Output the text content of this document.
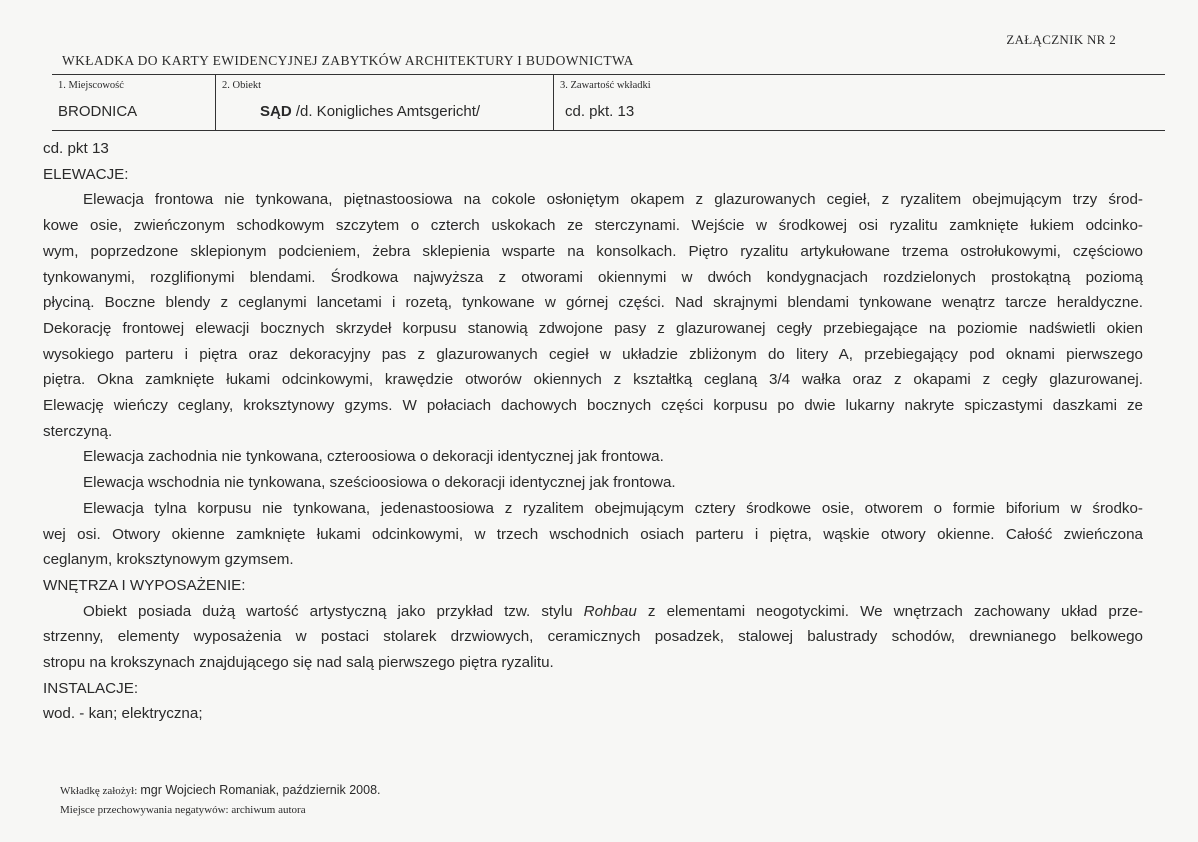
ZAŁĄCZNIK NR 2
WKŁADKA DO KARTY EWIDENCYJNEJ ZABYTKÓW ARCHITEKTURY I BUDOWNICTWA
1. Miejscowość
BRODNICA
2. Obiekt
SĄD /d. Konigliches Amtsgericht/
3. Zawartość wkładki
cd. pkt. 13
cd. pkt 13
ELEWACJE:
Elewacja frontowa nie tynkowana, piętnastoosiowa na cokole osłoniętym okapem z glazurowanych cegieł, z ryzalitem obejmującym trzy środ-
kowe osie, zwieńczonym schodkowym szczytem o czterch uskokach ze sterczynami. Wejście w środkowej osi ryzalitu zamknięte łukiem odcinko-
wym, poprzedzone sklepionym podcieniem, żebra sklepienia wsparte na konsolkach. Piętro ryzalitu artykułowane trzema ostrołukowymi, częściowo
tynkowanymi, rozglifionymi blendami. Środkowa najwyższa z otworami okiennymi w dwóch kondygnacjach rozdzielonych prostokątną poziomą
płyciną. Boczne blendy z ceglanymi lancetami i rozetą, tynkowane w górnej części. Nad skrajnymi blendami tynkowane wenątrz tarcze heraldyczne.
Dekorację frontowej elewacji bocznych skrzydeł korpusu stanowią zdwojone pasy z glazurowanej cegły przebiegające na poziomie nadświetli okien
wysokiego parteru i piętra oraz dekoracyjny pas z glazurowanych cegieł w układzie zbliżonym do litery A, przebiegający pod oknami pierwszego
piętra. Okna zamknięte łukami odcinkowymi, krawędzie otworów okiennych z kształtką ceglaną 3/4 wałka oraz z okapami z cegły glazurowanej.
Elewację wieńczy ceglany, kroksztynowy gzyms. W połaciach dachowych bocznych części korpusu po dwie lukarny nakryte spiczastymi daszkami ze
sterczyną.
Elewacja zachodnia nie tynkowana, czteroosiowa o dekoracji identycznej jak frontowa.
Elewacja wschodnia nie tynkowana, sześcioosiowa o dekoracji identycznej jak frontowa.
Elewacja tylna korpusu nie tynkowana, jedenastoosiowa z ryzalitem obejmującym cztery środkowe osie, otworem o formie biforium w środko-
wej osi. Otwory okienne zamknięte łukami odcinkowymi, w trzech wschodnich osiach parteru i piętra, wąskie otwory okienne. Całość zwieńczona
ceglanym, kroksztynowym gzymsem.
WNĘTRZA I WYPOSAŻENIE:
Obiekt posiada dużą wartość artystyczną jako przykład tzw. stylu Rohbau z elementami neogotyckimi. We wnętrzach zachowany układ prze-
strzenny, elementy wyposażenia w postaci stolarek drzwiowych, ceramicznych posadzek, stalowej balustrady schodów, drewnianego belkowego
stropu na krokszynach znajdującego się nad salą pierwszego piętra ryzalitu.
INSTALACJE:
wod. - kan; elektryczna;
Wkładkę założył: mgr Wojciech Romaniak, październik 2008.
Miejsce przechowywania negatywów: archiwum autora
